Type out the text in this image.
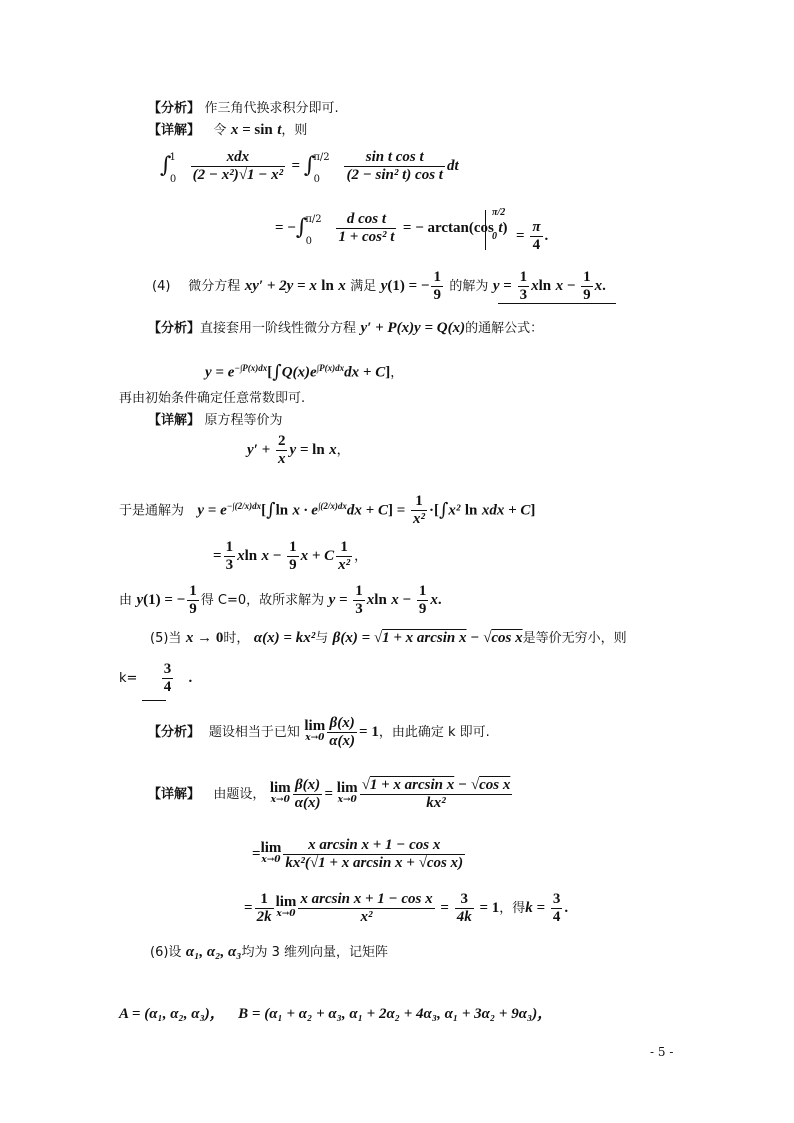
【分析】 作三角代换求积分即可.
【详解】 令 x = sin t，则
$\int^1_0 \frac{\text{xdx}}{\text{(2 − x²)√1 − x²}} = \int^{\pi/2}_0 \frac{\text{sin t cos t}}{\text{(2 − sin² t) cos t}}$ dt
= $-\int^{\pi/2}_0 \frac{\text{d cos t}}{\text{1 + cos² t}}$ = − arctan(cos t)
π/2
0	= $\frac{\pi}{4}$ .
(4) 微分方程 xy′ + 2y = x ln x 满足 y(1) = − $\frac{1}{9}$ 的解为 $y = \frac{1}{3}$ xln $x - \frac{1}{9} x$.
【分析】直接套用一阶线性微分方程 y′ + P(x)y = Q(x)的通解公式：
$y = e^{-\int P(x)dx}[\int Q(x)e^{\int P(x)dx}dx + C]$，
再由初始条件确定任意常数即可.
【详解】 原方程等价为
$y' + \frac{2}{x}$ y = ln x，
于是通解为 $y = e^{-\int(2/x)dx}[\int\ln$ $x \cdot e^{\int(2/x)dx}dx + C] = \frac{1}{\text{x²}} \cdot[\int x^2$ ln xdx + C]
= $\frac{1}{3}$ xln $x - \frac{1}{9}$ x + C $\frac{1}{\text{x²}}$ ，
由 y(1) = − $\frac{1}{9}$ 得 C=0，故所求解为 $y = \frac{1}{3}$ xln $x - \frac{1}{9} x$.
(5)当 x → 0时， α(x) = kx²与 β(x) = √1 + x arcsin x − √cos x是等价无穷小，则
$k= \frac{3}{4}$ .
【分析】 题设相当于已知 lim
$x\to 0 \frac{\beta(x)}{\alpha(x)} = 1$，由此确定 k 即可.
【详解】 由题设， lim
$x\to 0 \frac{\beta(x)}{\alpha(x)} = \lim$
$x\to 0 \frac{\text{√1 + x arcsin x − √cos x}}{\text{kx²}}$
=lim
$x\to 0 \frac{\text{x arcsin x + 1 − cos x}}{\text{kx²(√1 + x arcsin x + √cos x)}}$
= $\frac{1}{2k}$ lim
$x\to 0 \frac{\text{x arcsin x + 1 − cos x}}{\text{x²}} = \frac{3}{4k} = 1$，得$k = \frac{3}{4}$ .
(6)设 α₁, α₂, α₃均为 3 维列向量，记矩阵
A = (α₁, α₂, α₃)， B = (α₁ + α₂ + α₃, α₁ + 2α₂ + 4α₃, α₁ + 3α₂ + 9α₃)，
- 5 -
